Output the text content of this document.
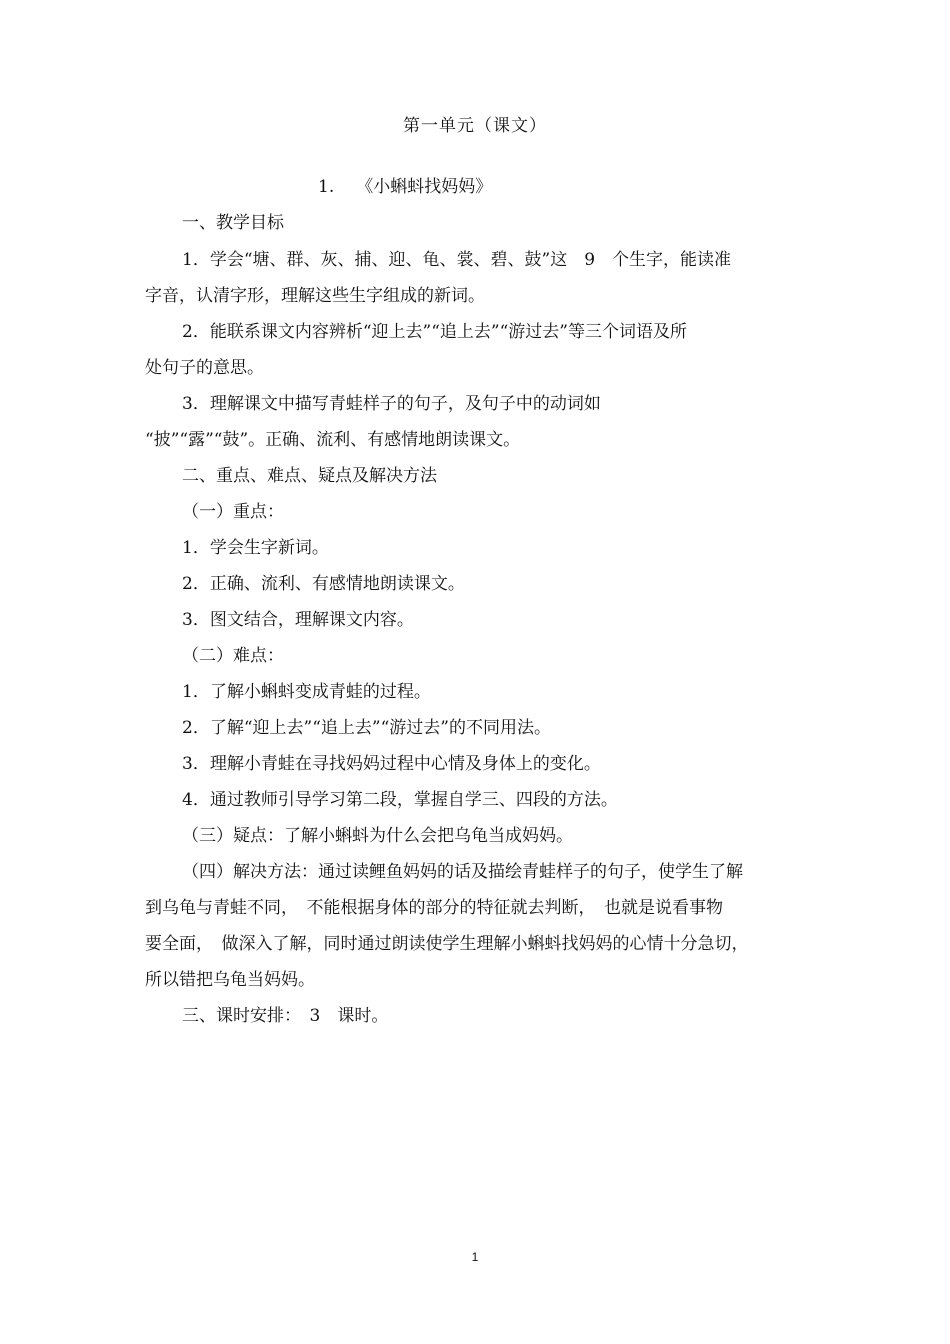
第一单元（课文）
1. 《小蝌蚪找妈妈》
一、教学目标
1．学会“塘、群、灰、捕、迎、龟、裳、碧、鼓”这　9　个生字，能读准
字音，认清字形，理解这些生字组成的新词。
2．能联系课文内容辨析“迎上去”“追上去”“游过去”等三个词语及所
处句子的意思。
3．理解课文中描写青蛙样子的句子，及句子中的动词如
“披”“露”“鼓”。正确、流利、有感情地朗读课文。
二、重点、难点、疑点及解决方法
（一）重点：
1．学会生字新词。
2．正确、流利、有感情地朗读课文。
3．图文结合，理解课文内容。
（二）难点：
1．了解小蝌蚪变成青蛙的过程。
2．了解“迎上去”“追上去”“游过去”的不同用法。
3．理解小青蛙在寻找妈妈过程中心情及身体上的变化。
4．通过教师引导学习第二段，掌握自学三、四段的方法。
（三）疑点：了解小蝌蚪为什么会把乌龟当成妈妈。
（四）解决方法：通过读鲤鱼妈妈的话及描绘青蛙样子的句子，使学生了解
到乌龟与青蛙不同，　不能根据身体的部分的特征就去判断，　也就是说看事物
要全面，　做深入了解，同时通过朗读使学生理解小蝌蚪找妈妈的心情十分急切，
所以错把乌龟当妈妈。
三、课时安排：　3　课时。
1
